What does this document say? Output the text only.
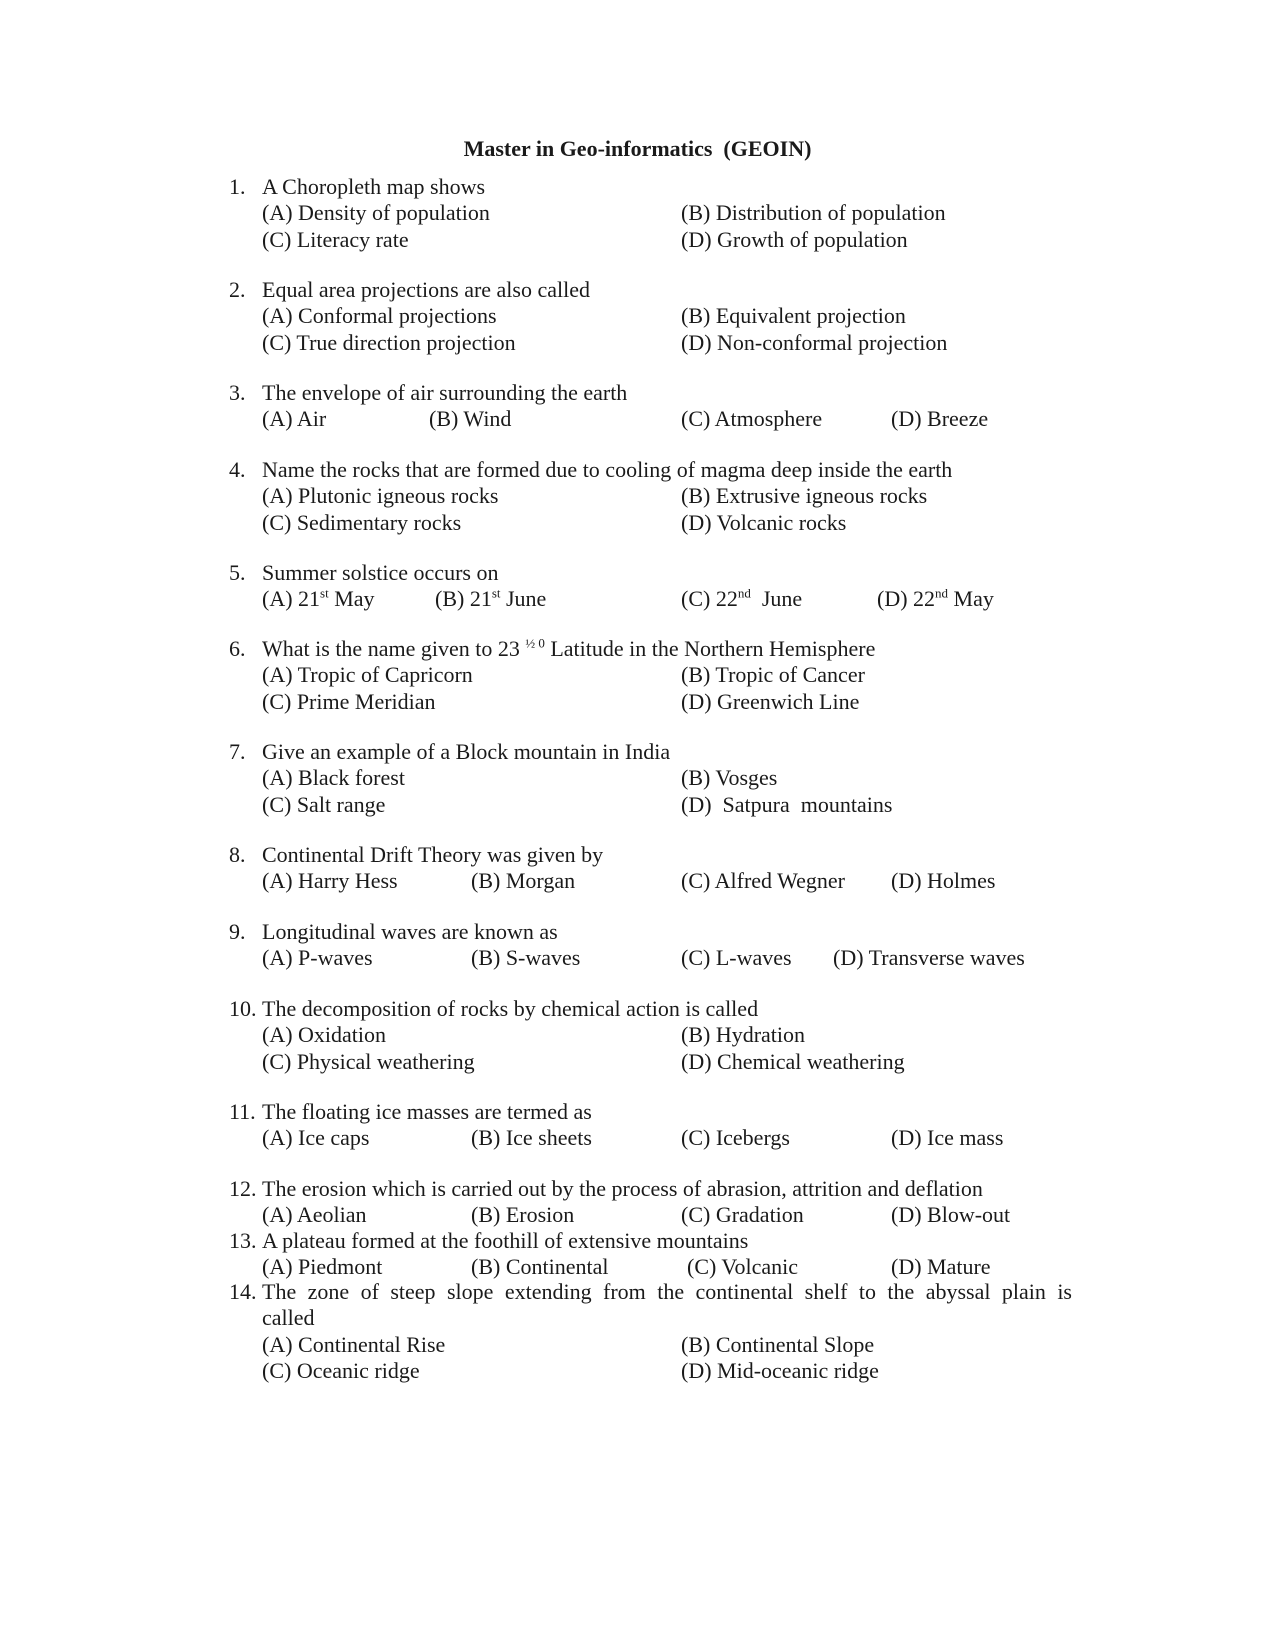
Master in Geo-informatics  (GEOIN)
1. A Choropleth map shows
(A) Density of population	(B) Distribution of population
(C) Literacy rate	(D) Growth of population
2. Equal area projections are also called
(A) Conformal projections	(B) Equivalent projection
(C) True direction projection	(D) Non-conformal projection
3. The envelope of air surrounding the earth
(A) Air	(B) Wind	(C) Atmosphere	(D) Breeze
4. Name the rocks that are formed due to cooling of magma deep inside the earth
(A) Plutonic igneous rocks	(B) Extrusive igneous rocks
(C) Sedimentary rocks	(D) Volcanic rocks
5. Summer solstice occurs on
(A) 21st May	(B) 21st June	(C) 22nd  June	(D) 22nd May
6. What is the name given to 23 $^{\frac{1}{2} 0}$ Latitude in the Northern Hemisphere
(A) Tropic of Capricorn	(B) Tropic of Cancer
(C) Prime Meridian	(D) Greenwich Line
7. Give an example of a Block mountain in India
(A) Black forest	(B) Vosges
(C) Salt range	(D)  Satpura  mountains
8. Continental Drift Theory was given by
(A) Harry Hess	(B) Morgan	(C) Alfred Wegner (D) Holmes
9. Longitudinal waves are known as
(A) P-waves	(B) S-waves	(C) L-waves (D) Transverse waves
10. The decomposition of rocks by chemical action is called
(A) Oxidation	(B) Hydration
(C) Physical weathering	(D) Chemical weathering
11. The floating ice masses are termed as
(A) Ice caps	(B) Ice sheets	(C) Icebergs	(D) Ice mass
12. The erosion which is carried out by the process of abrasion, attrition and deflation
(A) Aeolian	(B) Erosion	(C) Gradation	(D) Blow-out
13. A plateau formed at the foothill of extensive mountains
(A) Piedmont	(B) Continental	(C) Volcanic	(D) Mature
14. The zone of steep slope extending from the continental shelf to the abyssal plain is
called
(A) Continental Rise	(B) Continental Slope
(C) Oceanic ridge	(D) Mid-oceanic ridge
